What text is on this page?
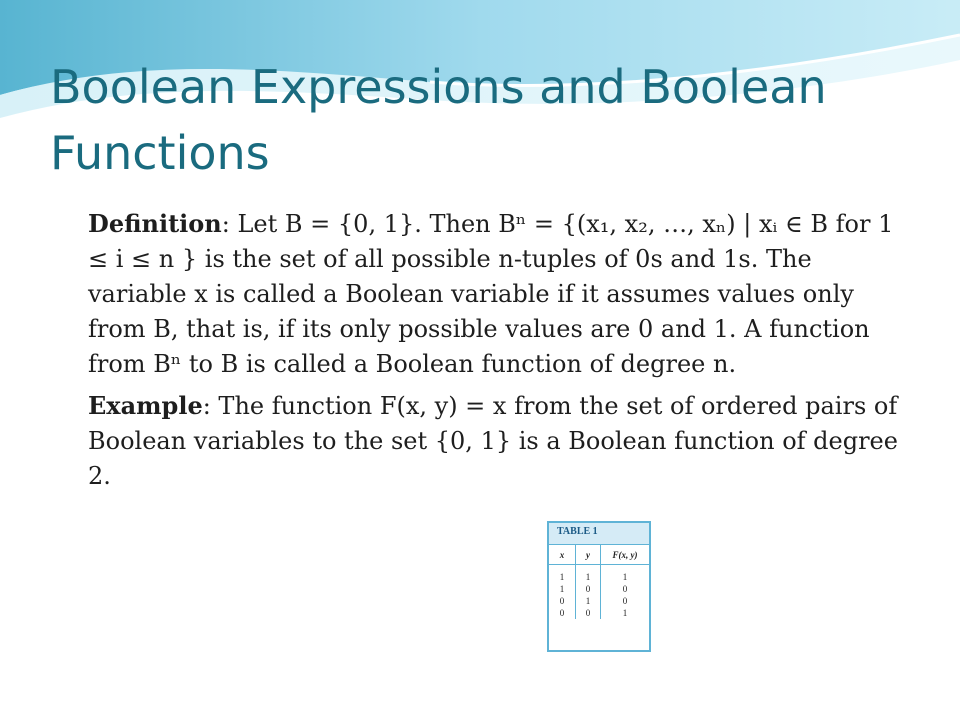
Boolean Expressions and Boolean Functions

Definition: Let B = {0, 1}. Then Bⁿ = {(x₁, x₂, …, xₙ) | xᵢ ∈ B for 1 ≤ i ≤ n } is the set of all possible n-tuples of 0s and 1s. The variable x is called a Boolean variable if it assumes values only from B, that is, if its only possible values are 0 and 1. A function from Bⁿ to B is called a Boolean function of degree n.

Example: The function F(x, y) = x from the set of ordered pairs of Boolean variables to the set {0, 1} is a Boolean function of degree 2.

TABLE 1
x	y	F(x, y)
1	1	1
1	0	0
0	1	0
0	0	1
